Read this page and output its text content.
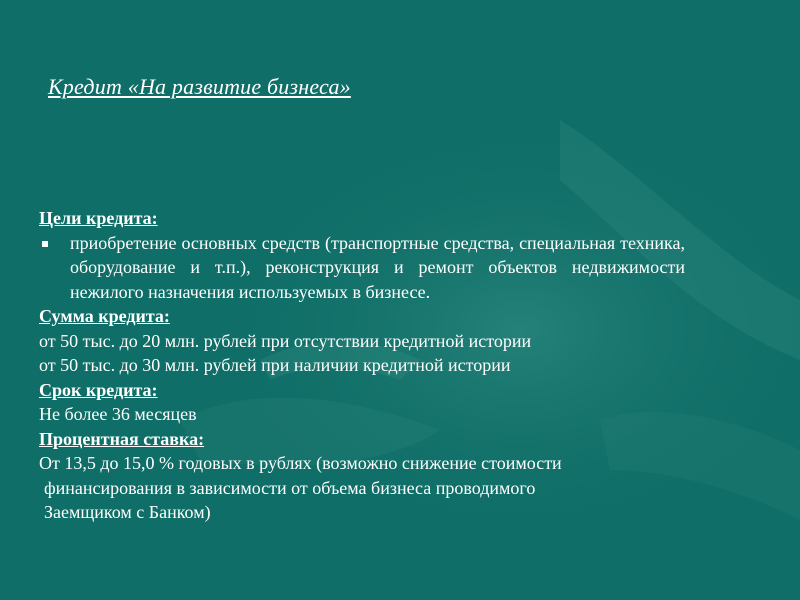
Кредит «На развитие бизнеса»
Цели кредита:
приобретение основных средств (транспортные средства, специальная техника, оборудование и т.п.), реконструкция и ремонт объектов недвижимости нежилого назначения используемых в бизнесе.
Сумма кредита:
от 50 тыс. до 20 млн. рублей при отсутствии кредитной истории
от 50 тыс. до 30 млн. рублей при наличии кредитной истории
Срок кредита:
Не более 36 месяцев
Процентная ставка:
От 13,5 до 15,0 % годовых в рублях (возможно снижение стоимости
финансирования в зависимости от объема бизнеса проводимого
Заемщиком с Банком)
